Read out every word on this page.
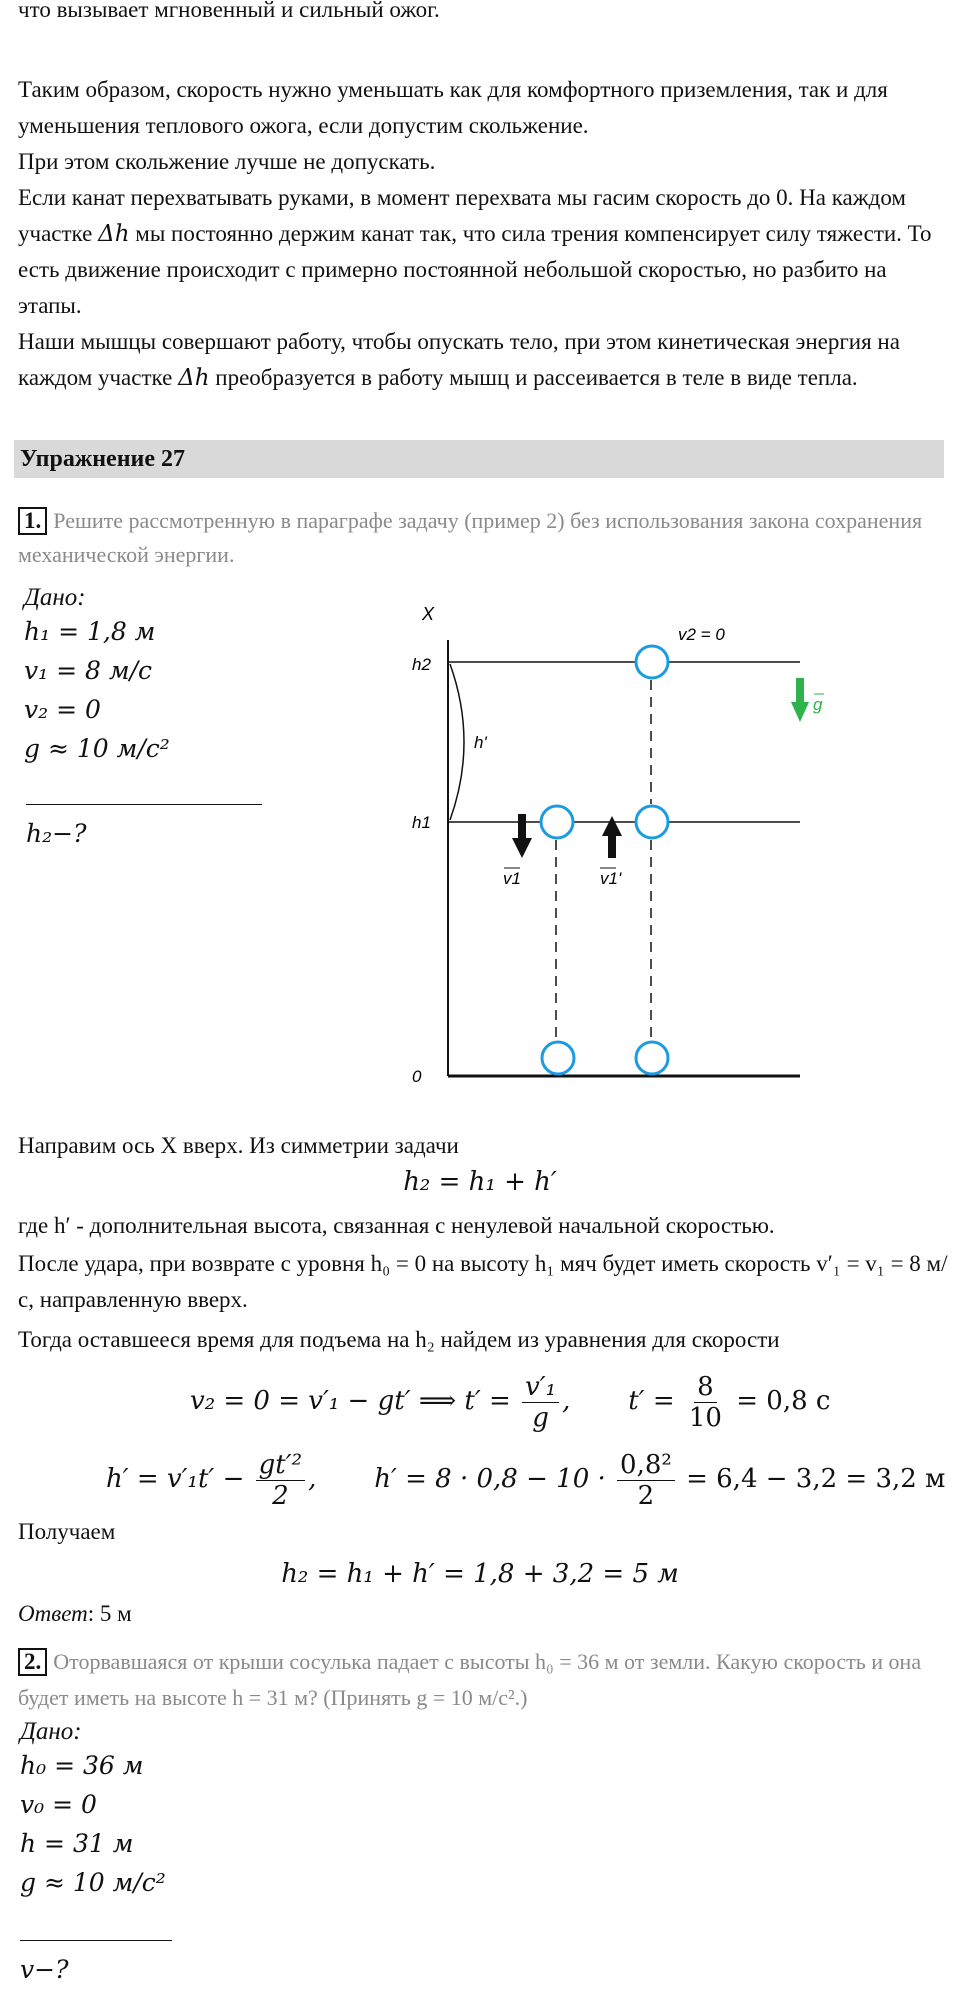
что вызывает мгновенный и сильный ожог.

Таким образом, скорость нужно уменьшать как для комфортного приземления, так и для уменьшения теплового ожога, если допустим скольжение.

При этом скольжение лучше не допускать.

Если канат перехватывать руками, в момент перехвата мы гасим скорость до 0. На каждом участке Δh мы постоянно держим канат так, что сила трения компенсирует силу тяжести. То есть движение происходит с примерно постоянной небольшой скоростью, но разбито на этапы.

Наши мышцы совершают работу, чтобы опускать тело, при этом кинетическая энергия на каждом участке Δh преобразуется в работу мышц и рассеивается в теле в виде тепла.

Упражнение 27
1. Решите рассмотренную в параграфе задачу (пример 2) без использования закона сохранения механической энергии.
Дано:
h₁ = 1,8 м
v₁ = 8 м/с
v₂ = 0
g ≈ 10 м/с²
h₂−?
X
h2
h1
0
v2 = 0
h'
v1	v1'
g
Направим ось X вверх. Из симметрии задачи
h₂ = h₁ + h′
где h′ - дополнительная высота, связанная с ненулевой начальной скоростью.
После удара, при возврате с уровня h₀ = 0 на высоту h₁ мяч будет иметь скорость v′₁ = v₁ = 8 м/с, направленную вверх.
Тогда оставшееся время для подъема на h₂ найдем из уравнения для скорости
v₂ = 0 = v′₁ − gt′ ⟹ $t' = \frac{\text{v′₁}}{g}$ ,       $t' = \frac{8}{10} = 0,8$ с
$h' = v'_1t' - \frac{\text{gt′²}}{2}$ ,       $h' = 8 \cdot 0,8 - 10 \cdot \frac{\text{0,8²}}{2} = 6,4 - 3,2 = 3,2$ м
Получаем
h₂ = h₁ + h′ = 1,8 + 3,2 = 5 м
Ответ: 5 м
2. Оторвавшаяся от крыши сосулька падает с высоты h₀ = 36 м от земли. Какую скорость и она будет иметь на высоте h = 31 м? (Принять g = 10 м/с².)
Дано:
h₀ = 36 м
v₀ = 0
h = 31 м
g ≈ 10 м/с²
v−?
